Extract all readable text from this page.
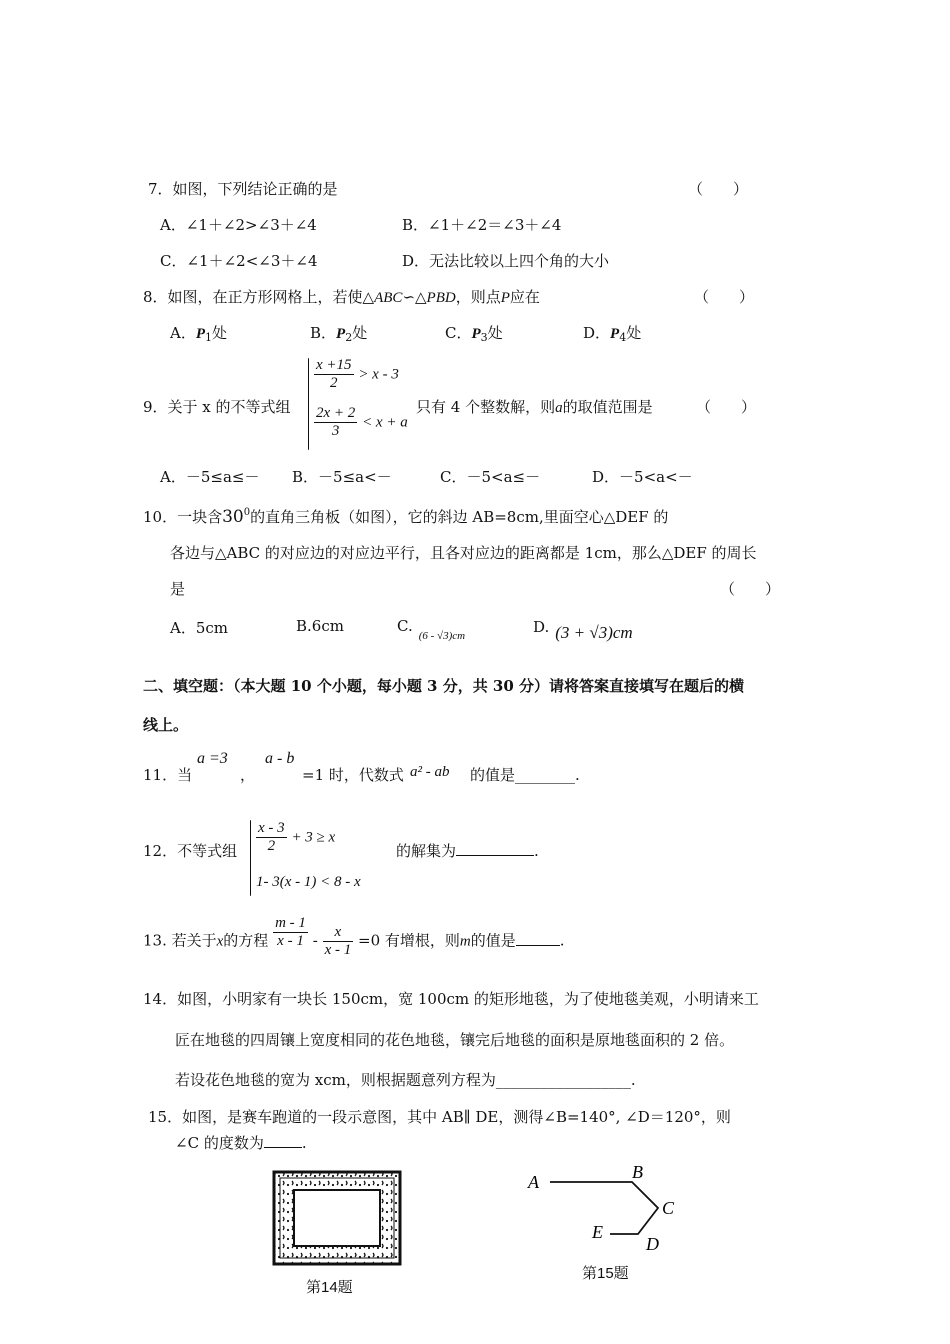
7．如图，下列结论正确的是	（　　）
A．∠1＋∠2>∠3＋∠4	B．∠1＋∠2＝∠3＋∠4
C．∠1＋∠2<∠3＋∠4	D．无法比较以上四个角的大小
8．如图，在正方形网格上，若使△ABC∽△PBD，则点P应在	（　　）
A．$P_1$处	B．$P_2$处	C．$P_3$处	D．$P_4$处
9．关于 x 的不等式组
$\frac{x +15}{2} > x - 3$
$\frac{2x + 2}{3} < x + a$
只有 4 个整数解，则a的取值范围是	（　　）
A．－5≤a≤－ B．－5≤a<－	C．－5<a≤－	D．－5<a<－
10．一块含$30^0$的直角三角板（如图），它的斜边 AB=8cm,里面空心△DEF 的
各边与△ABC 的对应边的对应边平行，且各对应边的距离都是 1cm，那么△DEF 的周长
是	（　　）
A．5cm	B.6cm	$C._{(6 - √3)cm}$	D. (3 + √3)cm
二、填空题：（本大题 10 个小题，每小题 3 分，共 30 分）请将答案直接填写在题后的横
线上。
11．当
a =3
，
a - b
=1 时，代数式 a² - ab 的值是________.
12．不等式组 $\frac{x - 3}{2} + 3 \ge x$
1- 3(x - 1) < 8 - x
的解集为	.
13. 若关于x的方程 $\frac{m - 1}{x - 1} - \frac{x}{x - 1} =0$ 有增根，则m的值是	.
14．如图，小明家有一块长 150cm，宽 100cm 的矩形地毯，为了使地毯美观，小明请来工
匠在地毯的四周镶上宽度相同的花色地毯，镶完后地毯的面积是原地毯面积的 2 倍。
若设花色地毯的宽为 xcm，则根据题意列方程为__________________.
15．如图，是赛车跑道的一段示意图，其中 AB∥ DE，测得∠B=140°, ∠D＝120°，则
∠C 的度数为	.
第14题
A	B
C
D
E
第15题
